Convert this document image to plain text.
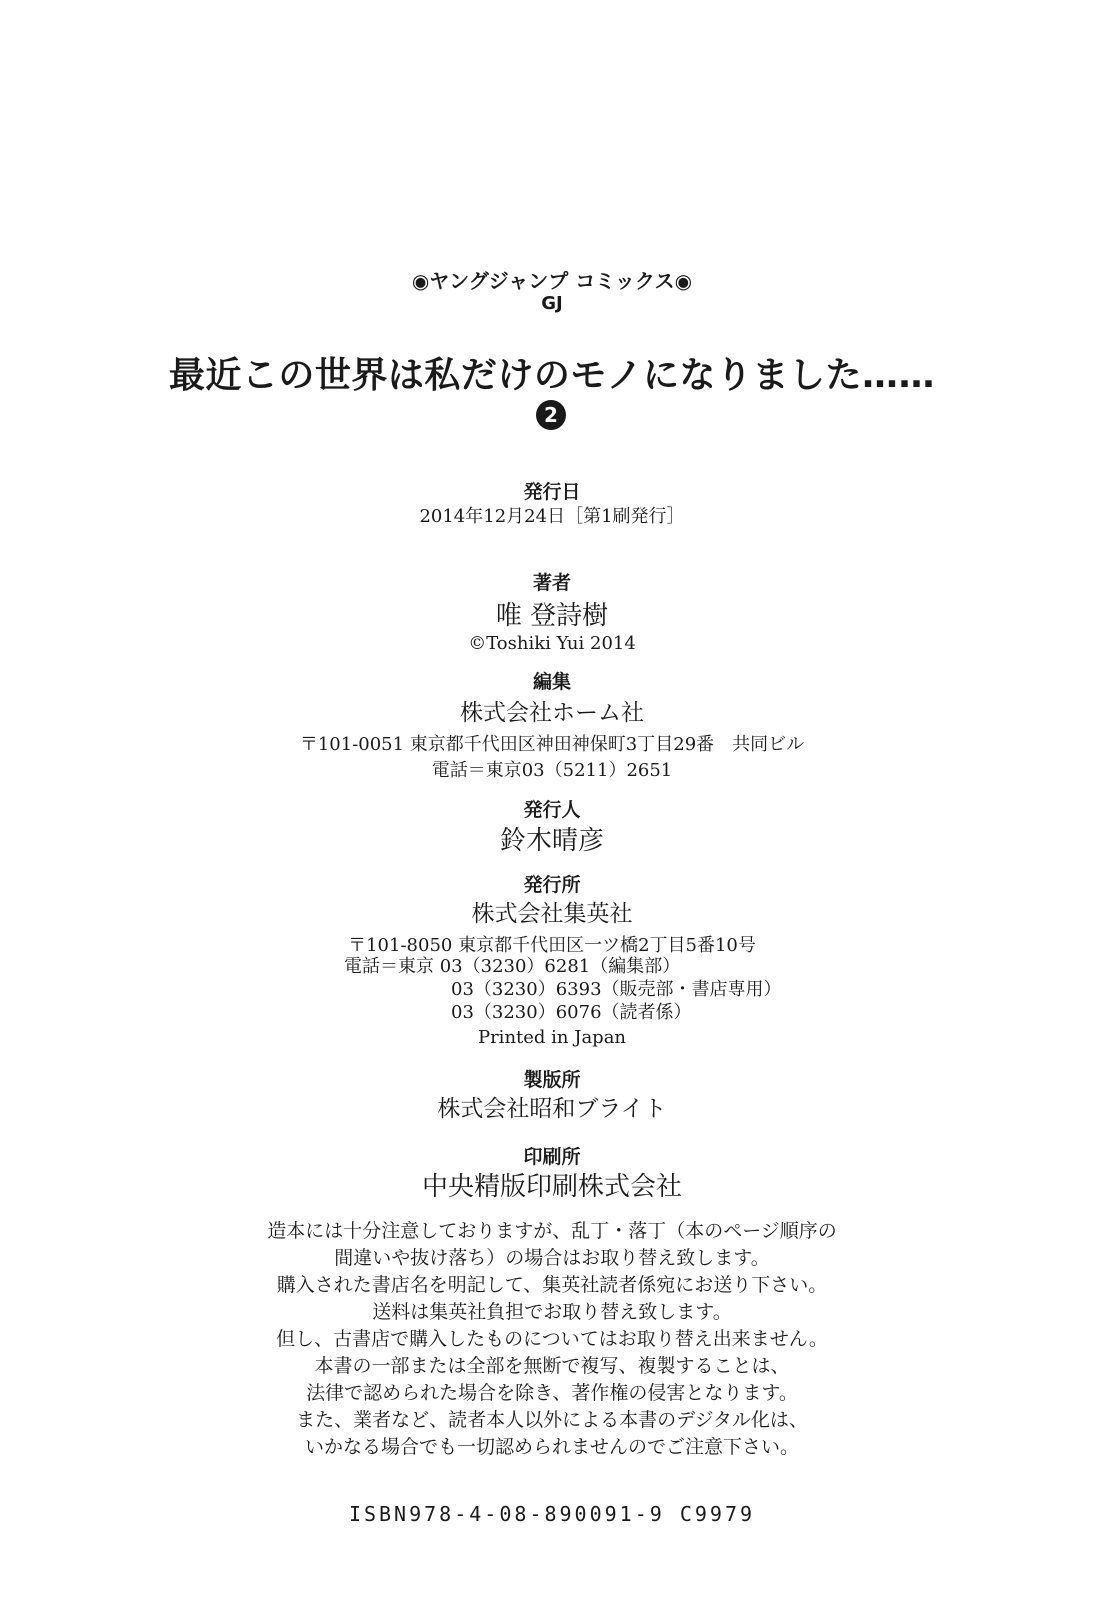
◉ヤングジャンプ コミックス◉
GJ
最近この世界は私だけのモノになりました……
2
発行日
2014年12月24日［第1刷発行］
著者
唯 登詩樹
©Toshiki Yui 2014
編集
株式会社ホーム社
〒101-0051 東京都千代田区神田神保町3丁目29番　共同ビル
電話＝東京03（5211）2651
発行人
鈴木晴彦
発行所
株式会社集英社
〒101-8050 東京都千代田区一ツ橋2丁目5番10号
電話＝東京 03（3230）6281（編集部）
03（3230）6393（販売部・書店専用）
03（3230）6076（読者係）
Printed in Japan
製版所
株式会社昭和ブライト
印刷所
中央精版印刷株式会社
造本には十分注意しておりますが、乱丁・落丁（本のページ順序の
間違いや抜け落ち）の場合はお取り替え致します。
購入された書店名を明記して、集英社読者係宛にお送り下さい。
送料は集英社負担でお取り替え致します。
但し、古書店で購入したものについてはお取り替え出来ません。
本書の一部または全部を無断で複写、複製することは、
法律で認められた場合を除き、著作権の侵害となります。
また、業者など、読者本人以外による本書のデジタル化は、
いかなる場合でも一切認められませんのでご注意下さい。
ISBN978-4-08-890091-9 C9979
